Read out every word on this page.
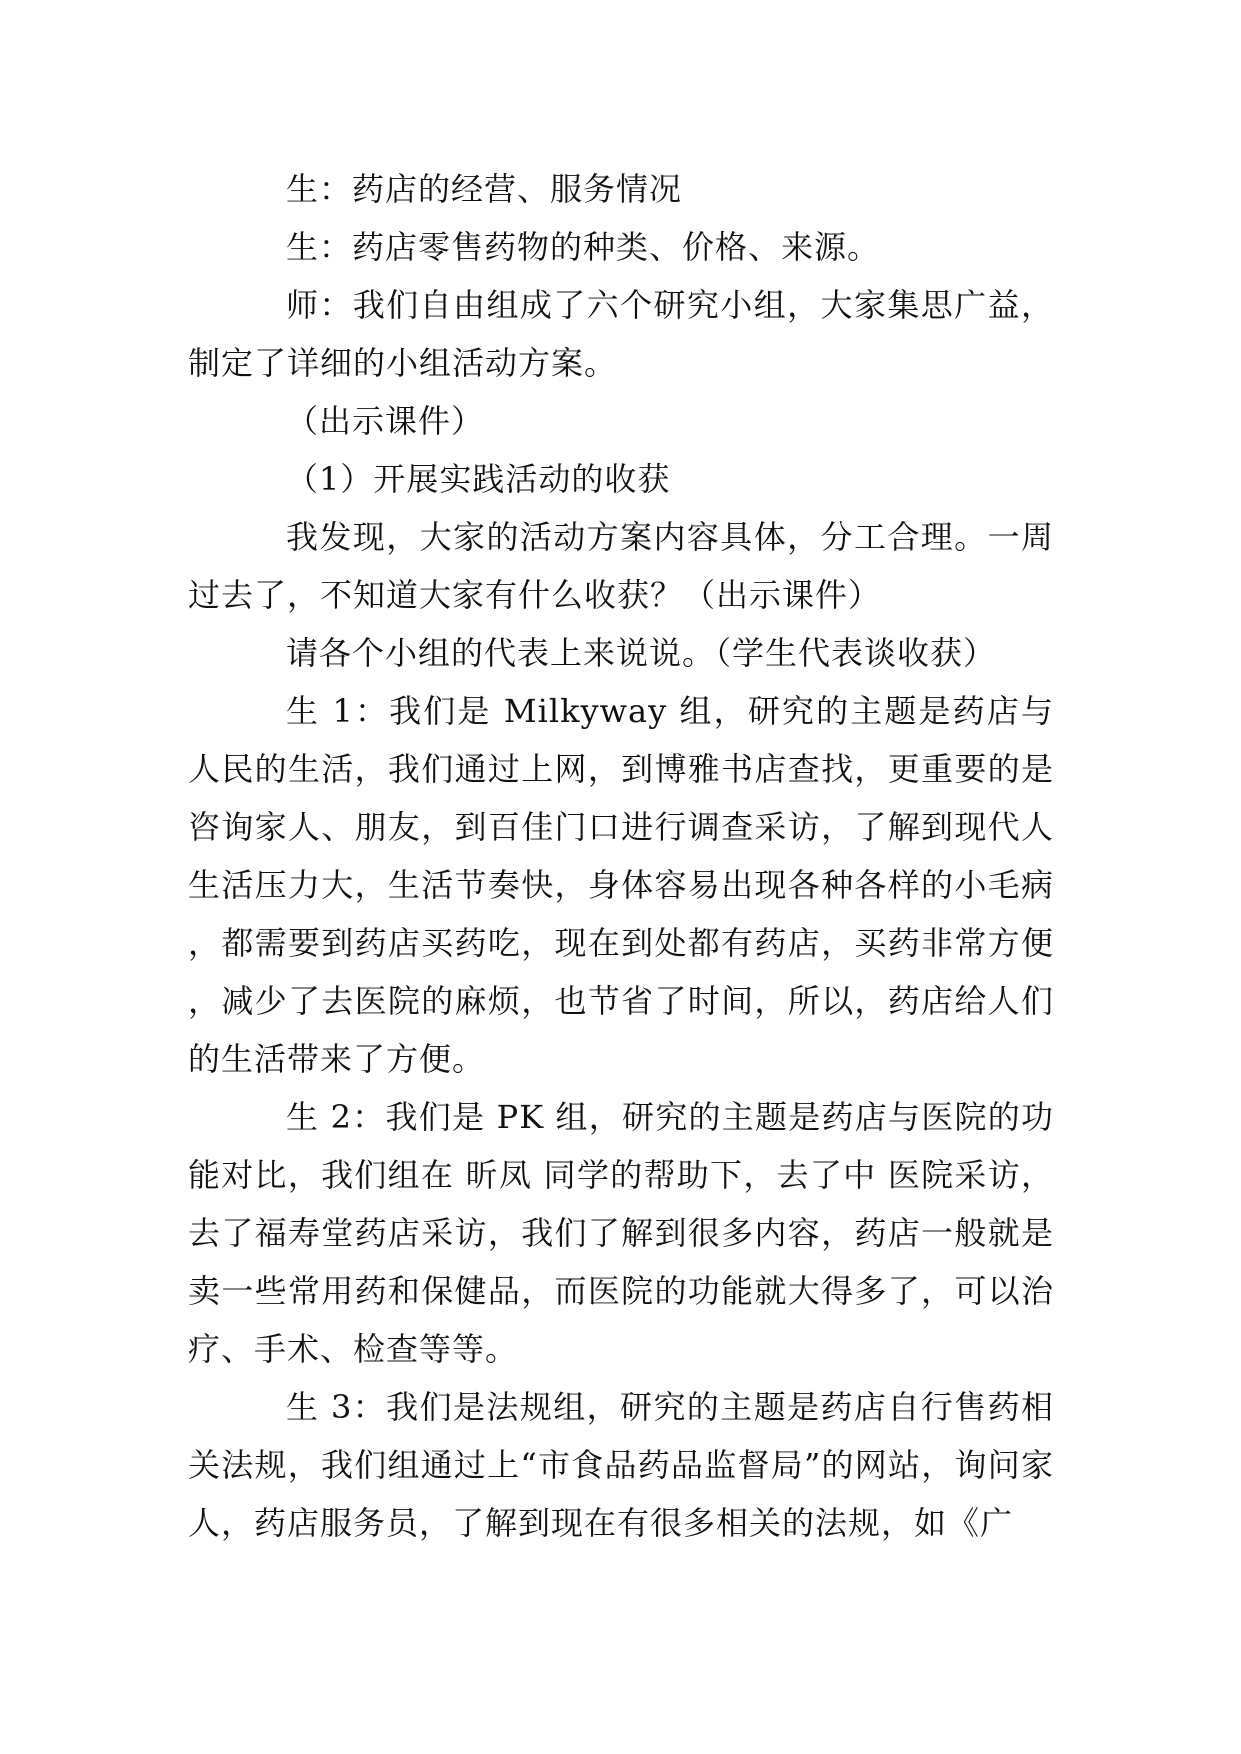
生：药店的经营、服务情况

生：药店零售药物的种类、价格、来源。

师：我们自由组成了六个研究小组，大家集思广益，制定了详细的小组活动方案。

（出示课件）

（1）开展实践活动的收获

我发现，大家的活动方案内容具体，分工合理。一周过去了，不知道大家有什么收获？（出示课件）

请各个小组的代表上来说说。（学生代表谈收获）

生 1：我们是 Milkyway 组，研究的主题是药店与人民的生活，我们通过上网，到博雅书店查找，更重要的是咨询家人、朋友，到百佳门口进行调查采访，了解到现代人生活压力大，生活节奏快，身体容易出现各种各样的小毛病，都需要到药店买药吃，现在到处都有药店，买药非常方便，减少了去医院的麻烦，也节省了时间，所以，药店给人们的生活带来了方便。

生 2：我们是 PK 组，研究的主题是药店与医院的功能对比，我们组在 昕凤 同学的帮助下，去了中 医院采访，去了福寿堂药店采访，我们了解到很多内容，药店一般就是卖一些常用药和保健品，而医院的功能就大得多了，可以治疗、手术、检查等等。

生 3：我们是法规组，研究的主题是药店自行售药相关法规，我们组通过上“市食品药品监督局”的网站，询问家人，药店服务员，了解到现在有很多相关的法规，如《广
